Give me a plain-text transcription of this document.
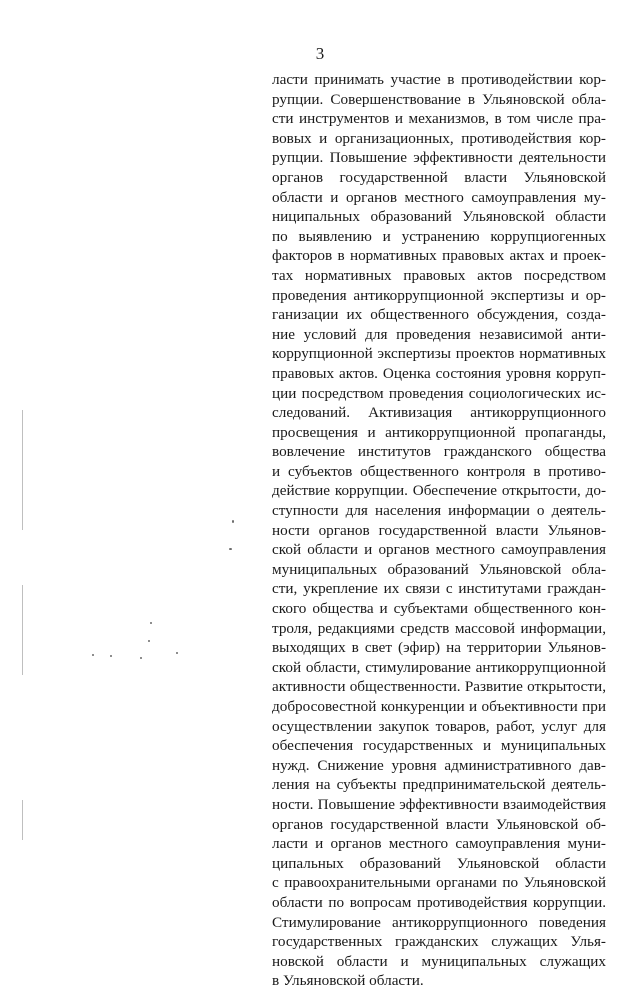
3
ласти принимать участие в противодействии кор-
рупции. Совершенствование в Ульяновской обла-
сти инструментов и механизмов, в том числе пра-
вовых и организационных, противодействия кор-
рупции. Повышение эффективности деятельности
органов государственной власти Ульяновской
области и органов местного самоуправления му-
ниципальных образований Ульяновской области
по выявлению и устранению коррупциогенных
факторов в нормативных правовых актах и проек-
тах нормативных правовых актов посредством
проведения антикоррупционной экспертизы и ор-
ганизации их общественного обсуждения, созда-
ние условий для проведения независимой анти-
коррупционной экспертизы проектов нормативных
правовых актов. Оценка состояния уровня корруп-
ции посредством проведения социологических ис-
следований. Активизация антикоррупционного
просвещения и антикоррупционной пропаганды,
вовлечение институтов гражданского общества
и субъектов общественного контроля в противо-
действие коррупции. Обеспечение открытости, до-
ступности для населения информации о деятель-
ности органов государственной власти Ульянов-
ской области и органов местного самоуправления
муниципальных образований Ульяновской обла-
сти, укрепление их связи с институтами граждан-
ского общества и субъектами общественного кон-
троля, редакциями средств массовой информации,
выходящих в свет (эфир) на территории Ульянов-
ской области, стимулирование антикоррупционной
активности общественности. Развитие открытости,
добросовестной конкуренции и объективности при
осуществлении закупок товаров, работ, услуг для
обеспечения государственных и муниципальных
нужд. Снижение уровня административного дав-
ления на субъекты предпринимательской деятель-
ности. Повышение эффективности взаимодействия
органов государственной власти Ульяновской об-
ласти и органов местного самоуправления муни-
ципальных образований Ульяновской области
с правоохранительными органами по Ульяновской
области по вопросам противодействия коррупции.
Стимулирование антикоррупционного поведения
государственных гражданских служащих Улья-
новской области и муниципальных служащих
в Ульяновской области.
